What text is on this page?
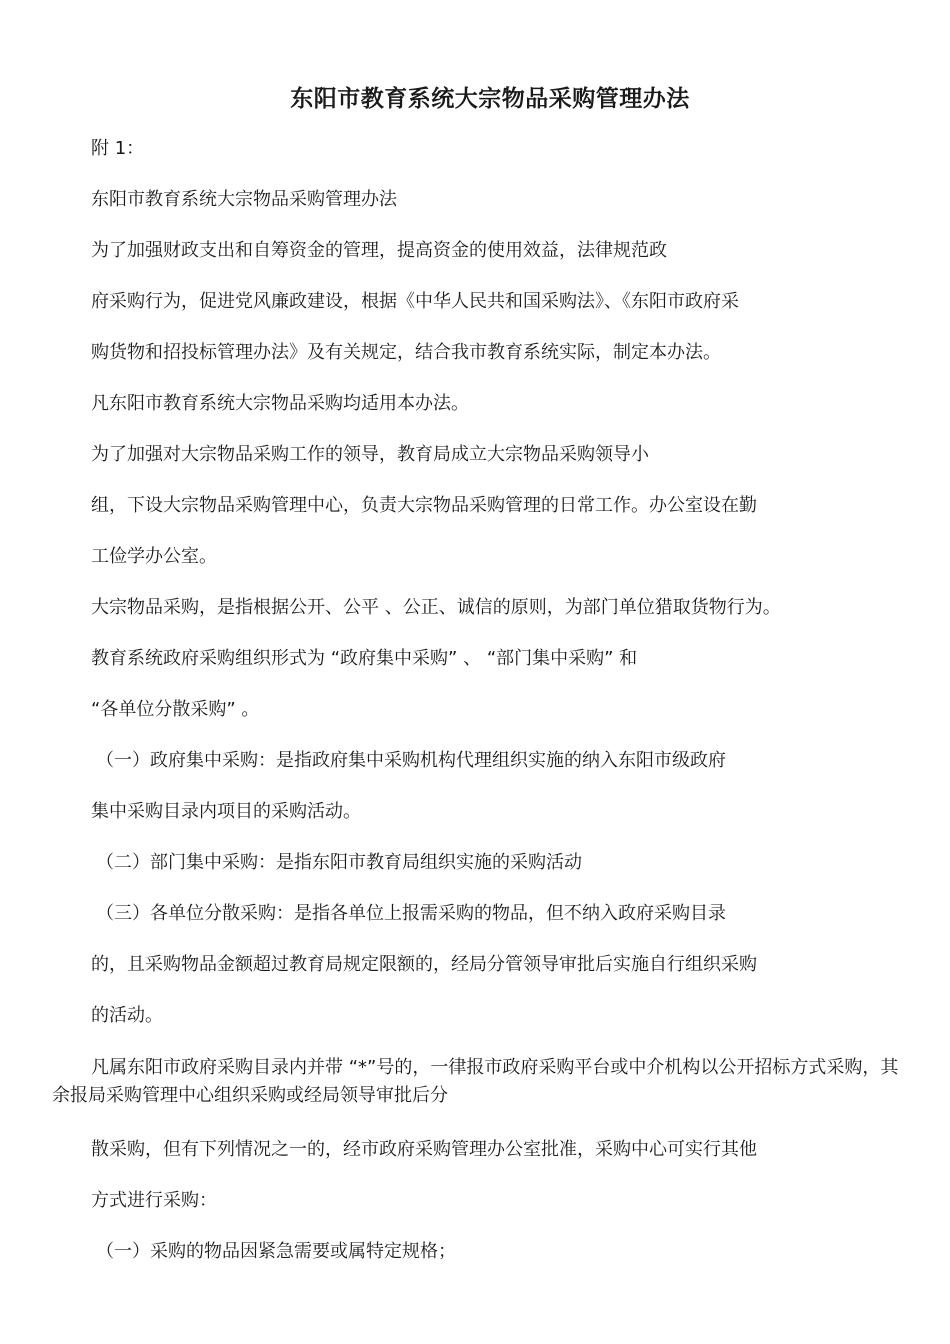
东阳市教育系统大宗物品采购管理办法
附 1：
东阳市教育系统大宗物品采购管理办法
为了加强财政支出和自筹资金的管理，提高资金的使用效益，法律规范政
府采购行为，促进党风廉政建设，根据《中华人民共和国采购法》、《东阳市政府采
购货物和招投标管理办法》及有关规定，结合我市教育系统实际，制定本办法。
凡东阳市教育系统大宗物品采购均适用本办法。
为了加强对大宗物品采购工作的领导，教育局成立大宗物品采购领导小
组，下设大宗物品采购管理中心，负责大宗物品采购管理的日常工作。办公室设在勤
工俭学办公室。
大宗物品采购，是指根据公开、公平 、公正、诚信的原则，为部门单位猎取货物行为。
教育系统政府采购组织形式为 “政府集中采购” 、 “部门集中采购” 和
“各单位分散采购” 。
（一）政府集中采购：是指政府集中采购机构代理组织实施的纳入东阳市级政府
集中采购目录内项目的采购活动。
（二）部门集中采购：是指东阳市教育局组织实施的采购活动
（三）各单位分散采购：是指各单位上报需采购的物品，但不纳入政府采购目录
的，且采购物品金额超过教育局规定限额的，经局分管领导审批后实施自行组织采购
的活动。
凡属东阳市政府采购目录内并带 “*”号的，一律报市政府采购平台或中介机构以公开招标方式采购，其余报局采购管理中心组织采购或经局领导审批后分
散采购，但有下列情况之一的，经市政府采购管理办公室批准，采购中心可实行其他
方式进行采购：
（一）采购的物品因紧急需要或属特定规格；
